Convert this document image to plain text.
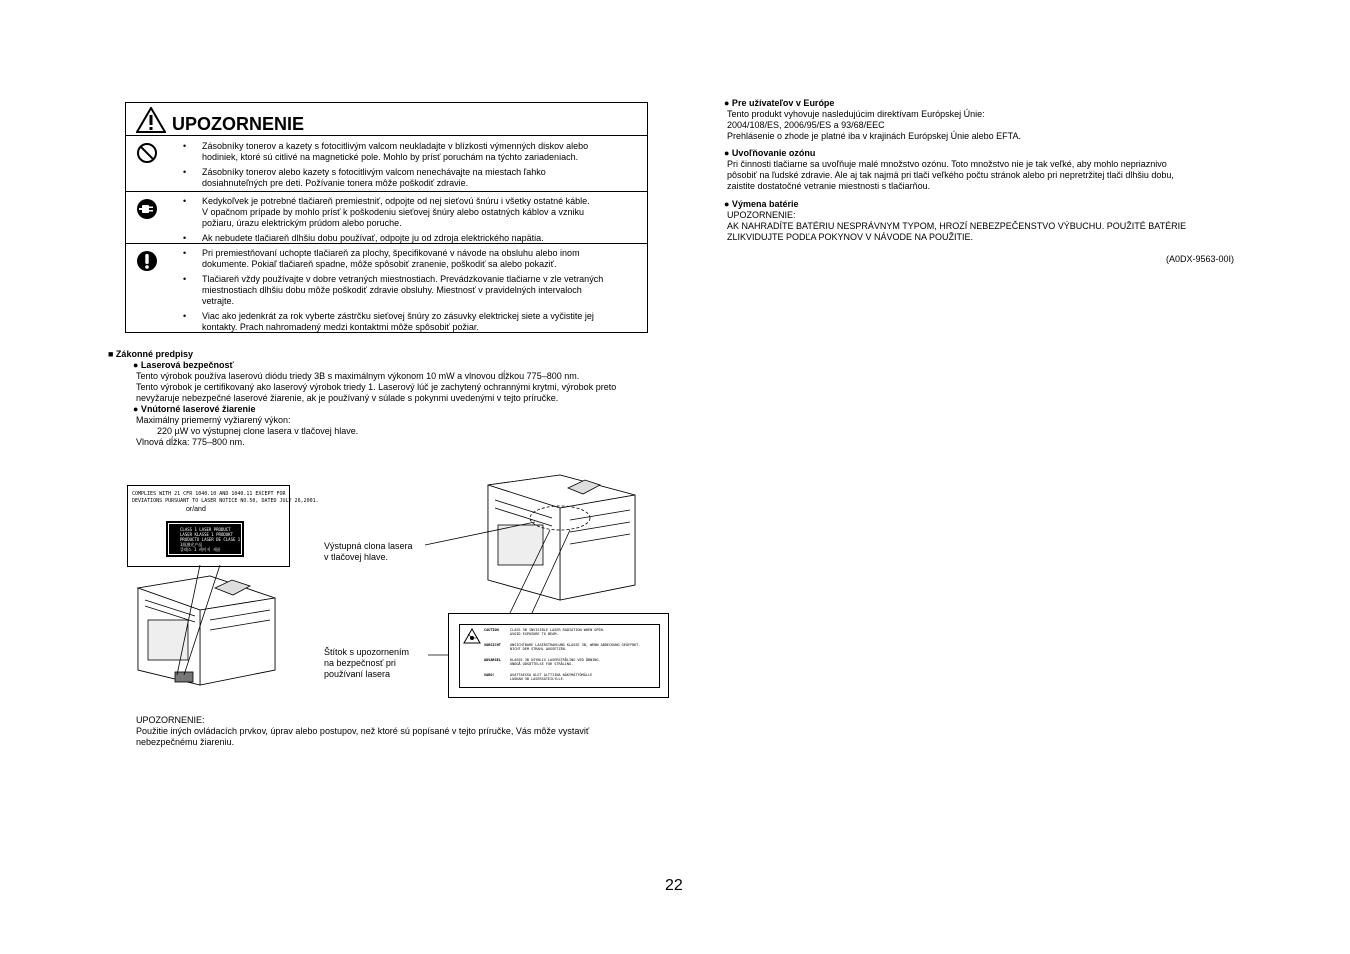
UPOZORNENIE
• Zásobníky tonerov a kazety s fotocitlivým valcom neukladajte v blízkosti výmenných diskov alebo
hodiniek, ktoré sú citlivé na magnetické pole. Mohlo by prísť poruchám na týchto zariadeniach.
• Zásobníky tonerov alebo kazety s fotocitlivým valcom nenechávajte na miestach ľahko
dosiahnuteľných pre deti. Požívanie tonera môže poškodiť zdravie.
• Kedykoľvek je potrebné tlačiareň premiestniť, odpojte od nej sieťovú šnúru i všetky ostatné káble.
V opačnom prípade by mohlo prísť k poškodeniu sieťovej šnúry alebo ostatných káblov a vzniku
požiaru, úrazu elektrickým prúdom alebo poruche.
• Ak nebudete tlačiareň dlhšiu dobu používať, odpojte ju od zdroja elektrického napätia.
• Pri premiestňovaní uchopte tlačiareň za plochy, špecifikované v návode na obsluhu alebo inom
dokumente. Pokiaľ tlačiareň spadne, môže spôsobiť zranenie, poškodiť sa alebo pokaziť.
• Tlačiareň vždy používajte v dobre vetraných miestnostiach. Prevádzkovanie tlačiarne v zle vetraných
miestnostiach dlhšiu dobu môže poškodiť zdravie obsluhy. Miestnosť v pravidelných intervaloch
vetrajte.
• Viac ako jedenkrát za rok vyberte zástrčku sieťovej šnúry zo zásuvky elektrickej siete a vyčistite jej
kontakty. Prach nahromadený medzi kontaktmi môže spôsobiť požiar.
■ Zákonné predpisy
● Laserová bezpečnosť
Tento výrobok používa laserovú diódu triedy 3B s maximálnym výkonom 10 mW a vlnovou dĺžkou 775–800 nm.
Tento výrobok je certifikovaný ako laserový výrobok triedy 1. Laserový lúč je zachytený ochrannými krytmi, výrobok preto
nevyžaruje nebezpečné laserové žiarenie, ak je používaný v súlade s pokynmi uvedenými v tejto príručke.
● Vnútorné laserové žiarenie
Maximálny priemerný vyžiarený výkon:
220 µW vo výstupnej clone lasera v tlačovej hlave.
Vlnová dĺžka: 775–800 nm.
COMPLIES WITH 21 CFR 1040.10 AND 1040.11 EXCEPT FOR
DEVIATIONS PURSUANT TO LASER NOTICE NO.50, DATED JULY 26,2001.
or/and
CLASS 1 LASER PRODUCT
LASER KLASSE 1 PRODUKT
PRODUCTO LASER DE CLASE 1
1級激光产品
클래스 1 레이저 제품	Výstupná clona lasera
v tlačovej hlave.
Štítok s upozornením
na bezpečnosť pri
používaní lasera
CAUTION	CLASS 3B INVISIBLE LASER RADIATION WHEN OPEN.
AVOID EXPOSURE TO BEAM.
VORSICHT	UNSICHTBARE LASERSTRAHLUNG KLASSE 3B, WENN ABDECKUNG GEÖFFNET.
NICHT DEM STRAHL AUSSETZEN.
ADVARSEL	KLASSE 3B USYNLIG LASERSTRÅLING VED ÅBNING.
UNDGÅ UDSÆTTELSE FOR STRÅLING.
VARO!	AVATTAESSA OLET ALTTIINA NÄKYMÄTTÖMÄLLE
LUOKAN 3B LASERSÄTEILYLLE.
UPOZORNENIE:
Použitie iných ovládacích prvkov, úprav alebo postupov, než ktoré sú popísané v tejto príručke, Vás môže vystaviť
nebezpečnému žiareniu.
● Pre užívateľov v Európe
Tento produkt vyhovuje nasledujúcim direktívam Európskej Únie:
2004/108/ES, 2006/95/ES a 93/68/EEC
Prehlásenie o zhode je platné iba v krajinách Európskej Únie alebo EFTA.
● Uvoľňovanie ozónu
Pri činnosti tlačiarne sa uvoľňuje malé množstvo ozónu. Toto množstvo nie je tak veľké, aby mohlo nepriaznivo
pôsobiť na ľudské zdravie. Ale aj tak najmä pri tlači veľkého počtu stránok alebo pri nepretržitej tlači dlhšiu dobu,
zaistite dostatočné vetranie miestnosti s tlačiarňou.
● Výmena batérie
UPOZORNENIE:
AK NAHRADÍTE BATÉRIU NESPRÁVNYM TYPOM, HROZÍ NEBEZPEČENSTVO VÝBUCHU. POUŽITÉ BATÉRIE
ZLIKVIDUJTE PODĽA POKYNOV V NÁVODE NA POUŽITIE.
(A0DX-9563-00I)
22
